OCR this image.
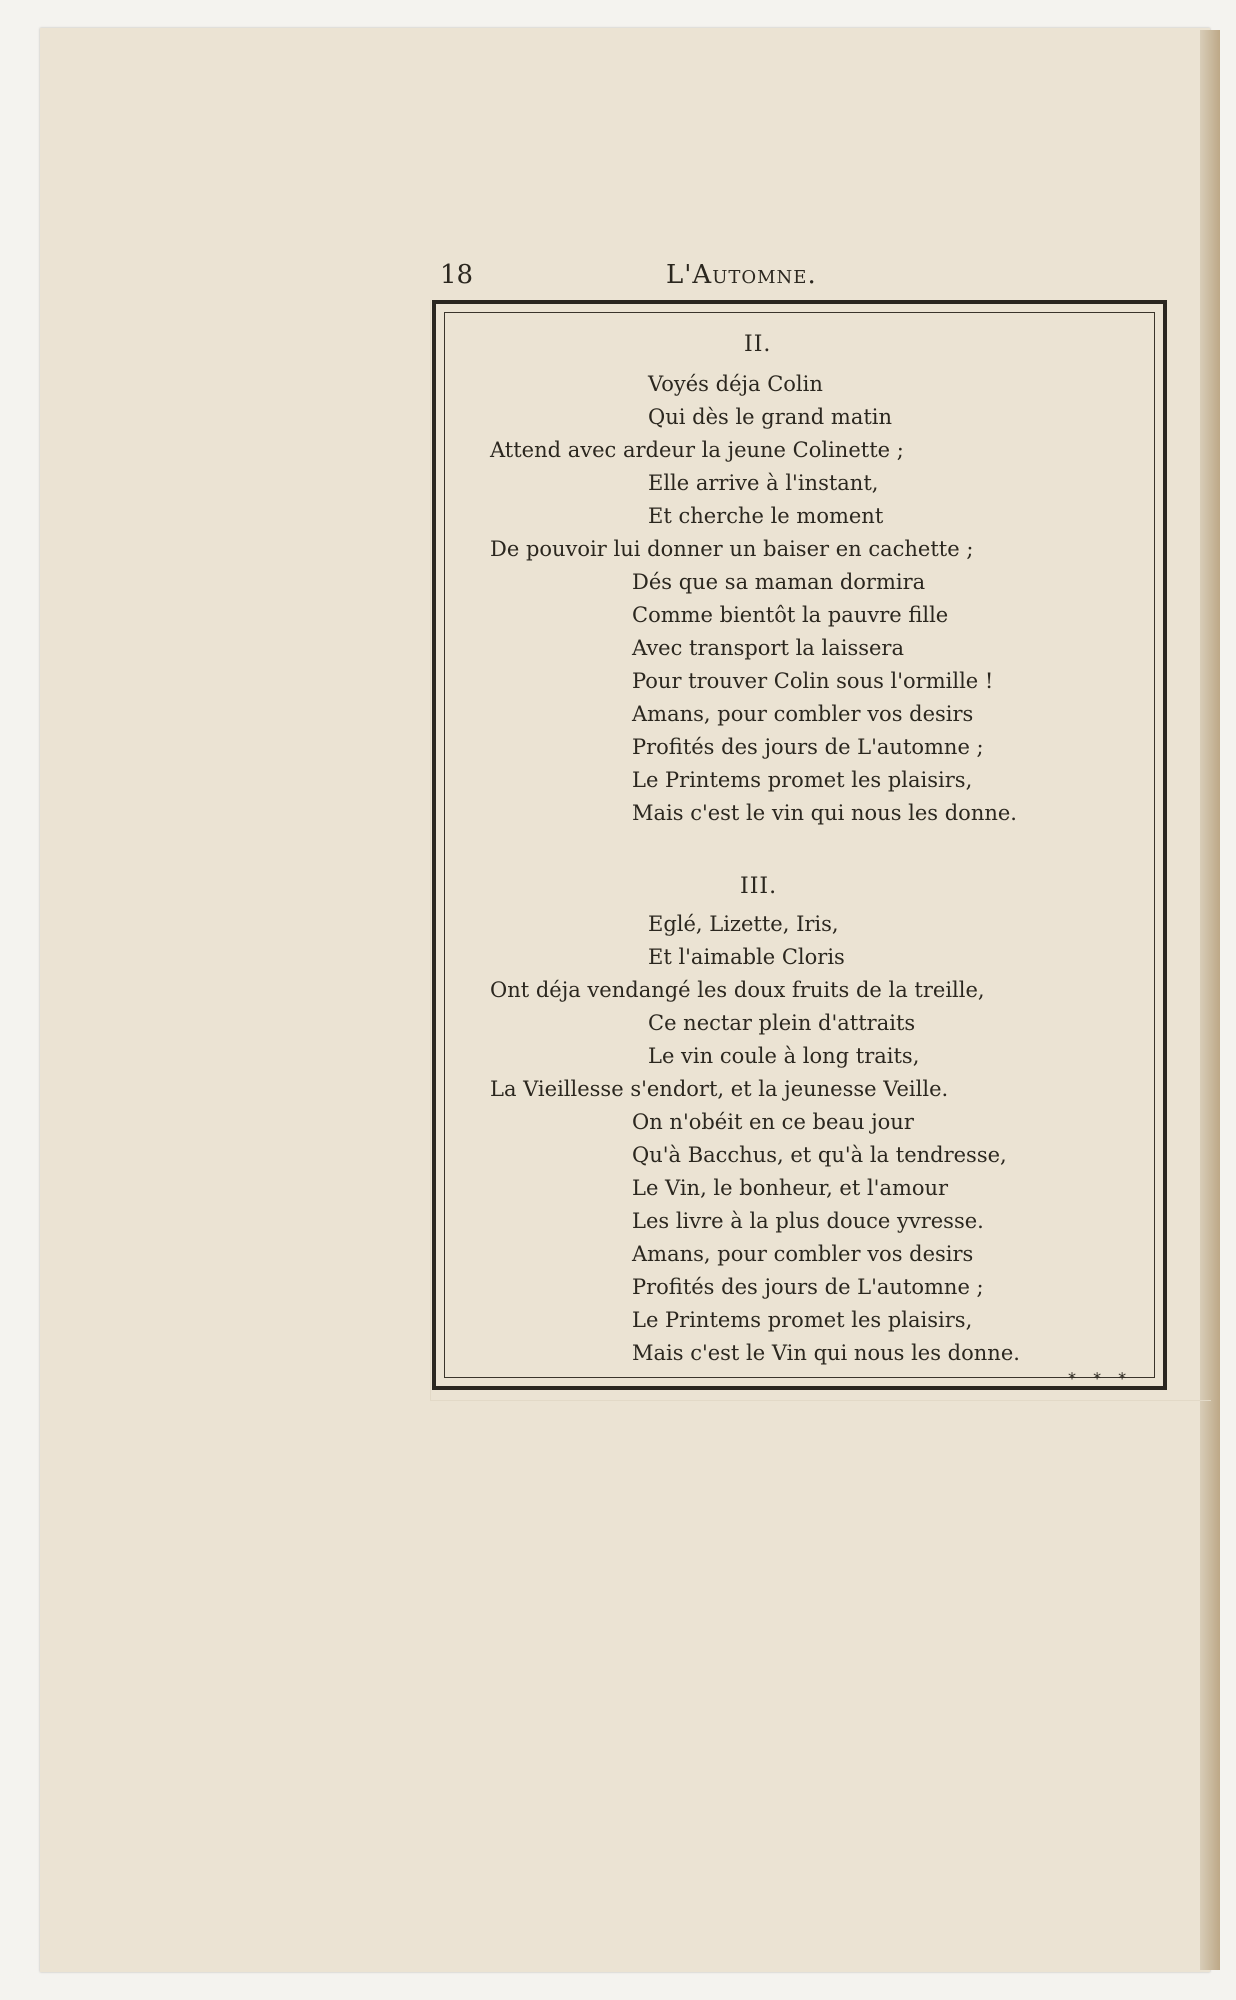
18	L'Automne.
II.
Voyés déja Colin
Qui dès le grand matin
Attend avec ardeur la jeune Colinette ;
Elle arrive à l'instant,
Et cherche le moment
De pouvoir lui donner un baiser en cachette ;
Dés que sa maman dormira
Comme bientôt la pauvre fille
Avec transport la laissera
Pour trouver Colin sous l'ormille !
Amans, pour combler vos desirs
Profités des jours de L'automne ;
Le Printems promet les plaisirs,
Mais c'est le vin qui nous les donne.
III.
Eglé, Lizette, Iris,
Et l'aimable Cloris
Ont déja vendangé les doux fruits de la treille,
Ce nectar plein d'attraits
Le vin coule à long traits,
La Vieillesse s'endort, et la jeunesse Veille.
On n'obéit en ce beau jour
Qu'à Bacchus, et qu'à la tendresse,
Le Vin, le bonheur, et l'amour
Les livre à la plus douce yvresse.
Amans, pour combler vos desirs
Profités des jours de L'automne ;
Le Printems promet les plaisirs,
Mais c'est le Vin qui nous les donne.
⁎ ⁎ ⁎
